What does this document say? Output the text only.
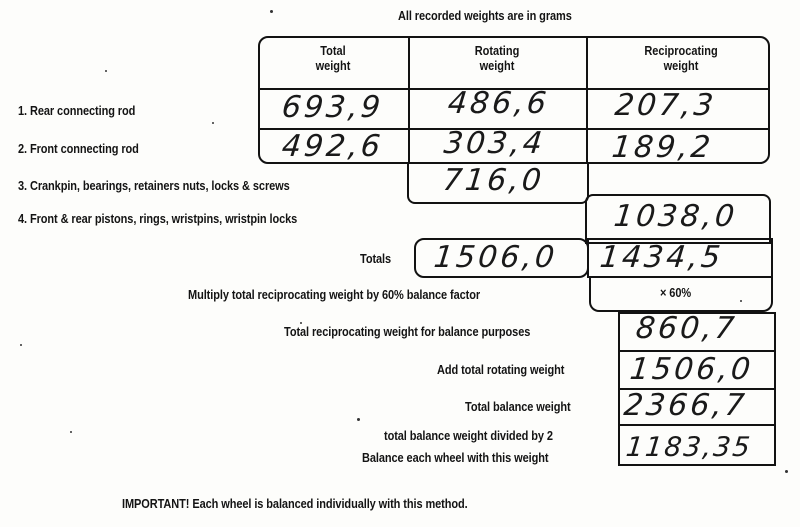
All recorded weights are in grams
Total
weight
Rotating
weight
Reciprocating
weight
1. Rear connecting rod
2. Front connecting rod
3. Crankpin, bearings, retainers nuts, locks & screws
4. Front & rear pistons, rings, wristpins, wristpin locks
Totals
693,9 486,6 207,3
492,6 303,4 189,2
716,0
1038,0
1506,0 1434,5
Multiply total reciprocating weight by 60% balance factor	× 60%
Total reciprocating weight for balance purposes
Add total rotating weight
Total balance weight
total balance weight divided by 2
Balance each wheel with this weight
860,7
1506,0
2366,7
1183,35
IMPORTANT! Each wheel is balanced individually with this method.
